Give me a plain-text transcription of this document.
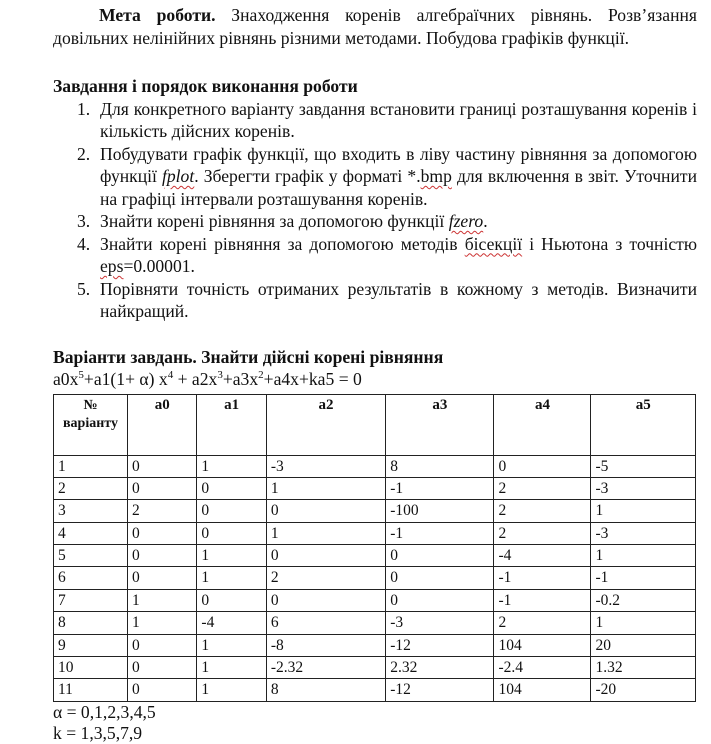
Мета роботи. Знаходження коренів алгебраїчних рівнянь. Розв’язання довільних нелінійних рівнянь різними методами. Побудова графіків функції.

Завдання і порядок виконання роботи

1. Для конкретного варіанту завдання встановити границі розташування коренів і кількість дійсних коренів.
2. Побудувати графік функції, що входить в ліву частину рівняння за допомогою функції fplot. Зберегти графік у форматі *.bmp для включення в звіт. Уточнити на графіці інтервали розташування коренів.
3. Знайти корені рівняння за допомогою функції fzero.
4. Знайти корені рівняння за допомогою методів бісекції і Ньютона з точністю eps=0.00001.
5. Порівняти точність отриманих результатів в кожному з методів. Визначити найкращий.

Варіанти завдань. Знайти дійсні корені рівняння

$a0x^5+a1(1+ \alpha) x^4 + a2x^3+a3x^2+a4x+ka5 = 0$

№ варіанту	a0	a1	a2	a3	a4	a5
1	0	1	-3	8	0	-5
2	0	0	1	-1	2	-3
3	2	0	0	-100	2	1
4	0	0	1	-1	2	-3
5	0	1	0	0	-4	1
6	0	1	2	0	-1	-1
7	1	0	0	0	-1	-0.2
8	1	-4	6	-3	2	1
9	0	1	-8	-12	104	20
10	0	1	-2.32	2.32	-2.4	1.32
11	0	1	8	-12	104	-20

α = 0,1,2,3,4,5

k = 1,3,5,7,9
